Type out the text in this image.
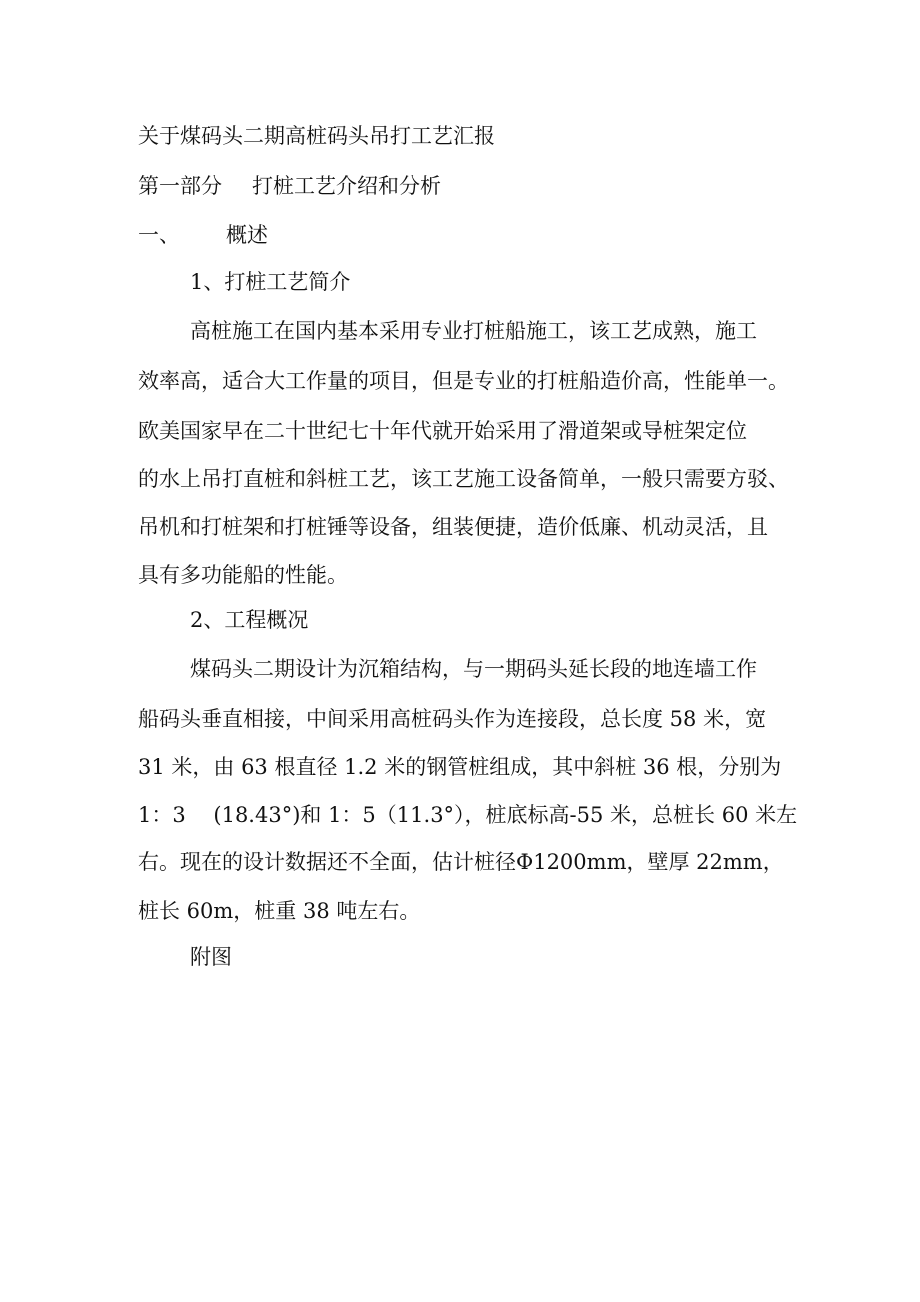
关于煤码头二期高桩码头吊打工艺汇报
第一部分 打桩工艺介绍和分析
一、 概述
1、打桩工艺简介
高桩施工在国内基本采用专业打桩船施工，该工艺成熟，施工
效率高，适合大工作量的项目，但是专业的打桩船造价高，性能单一。
欧美国家早在二十世纪七十年代就开始采用了滑道架或导桩架定位
的水上吊打直桩和斜桩工艺，该工艺施工设备简单，一般只需要方驳、
吊机和打桩架和打桩锤等设备，组装便捷，造价低廉、机动灵活，且
具有多功能船的性能。
2、工程概况
煤码头二期设计为沉箱结构，与一期码头延长段的地连墙工作
船码头垂直相接，中间采用高桩码头作为连接段，总长度 58 米，宽
31 米，由 63 根直径 1.2 米的钢管桩组成，其中斜桩 36 根，分别为
1：3　 (18.43°)和 1：5（11.3°），桩底标高-55 米，总桩长 60 米左
右。现在的设计数据还不全面，估计桩径Φ1200mm，壁厚 22mm，
桩长 60m，桩重 38 吨左右。
附图
